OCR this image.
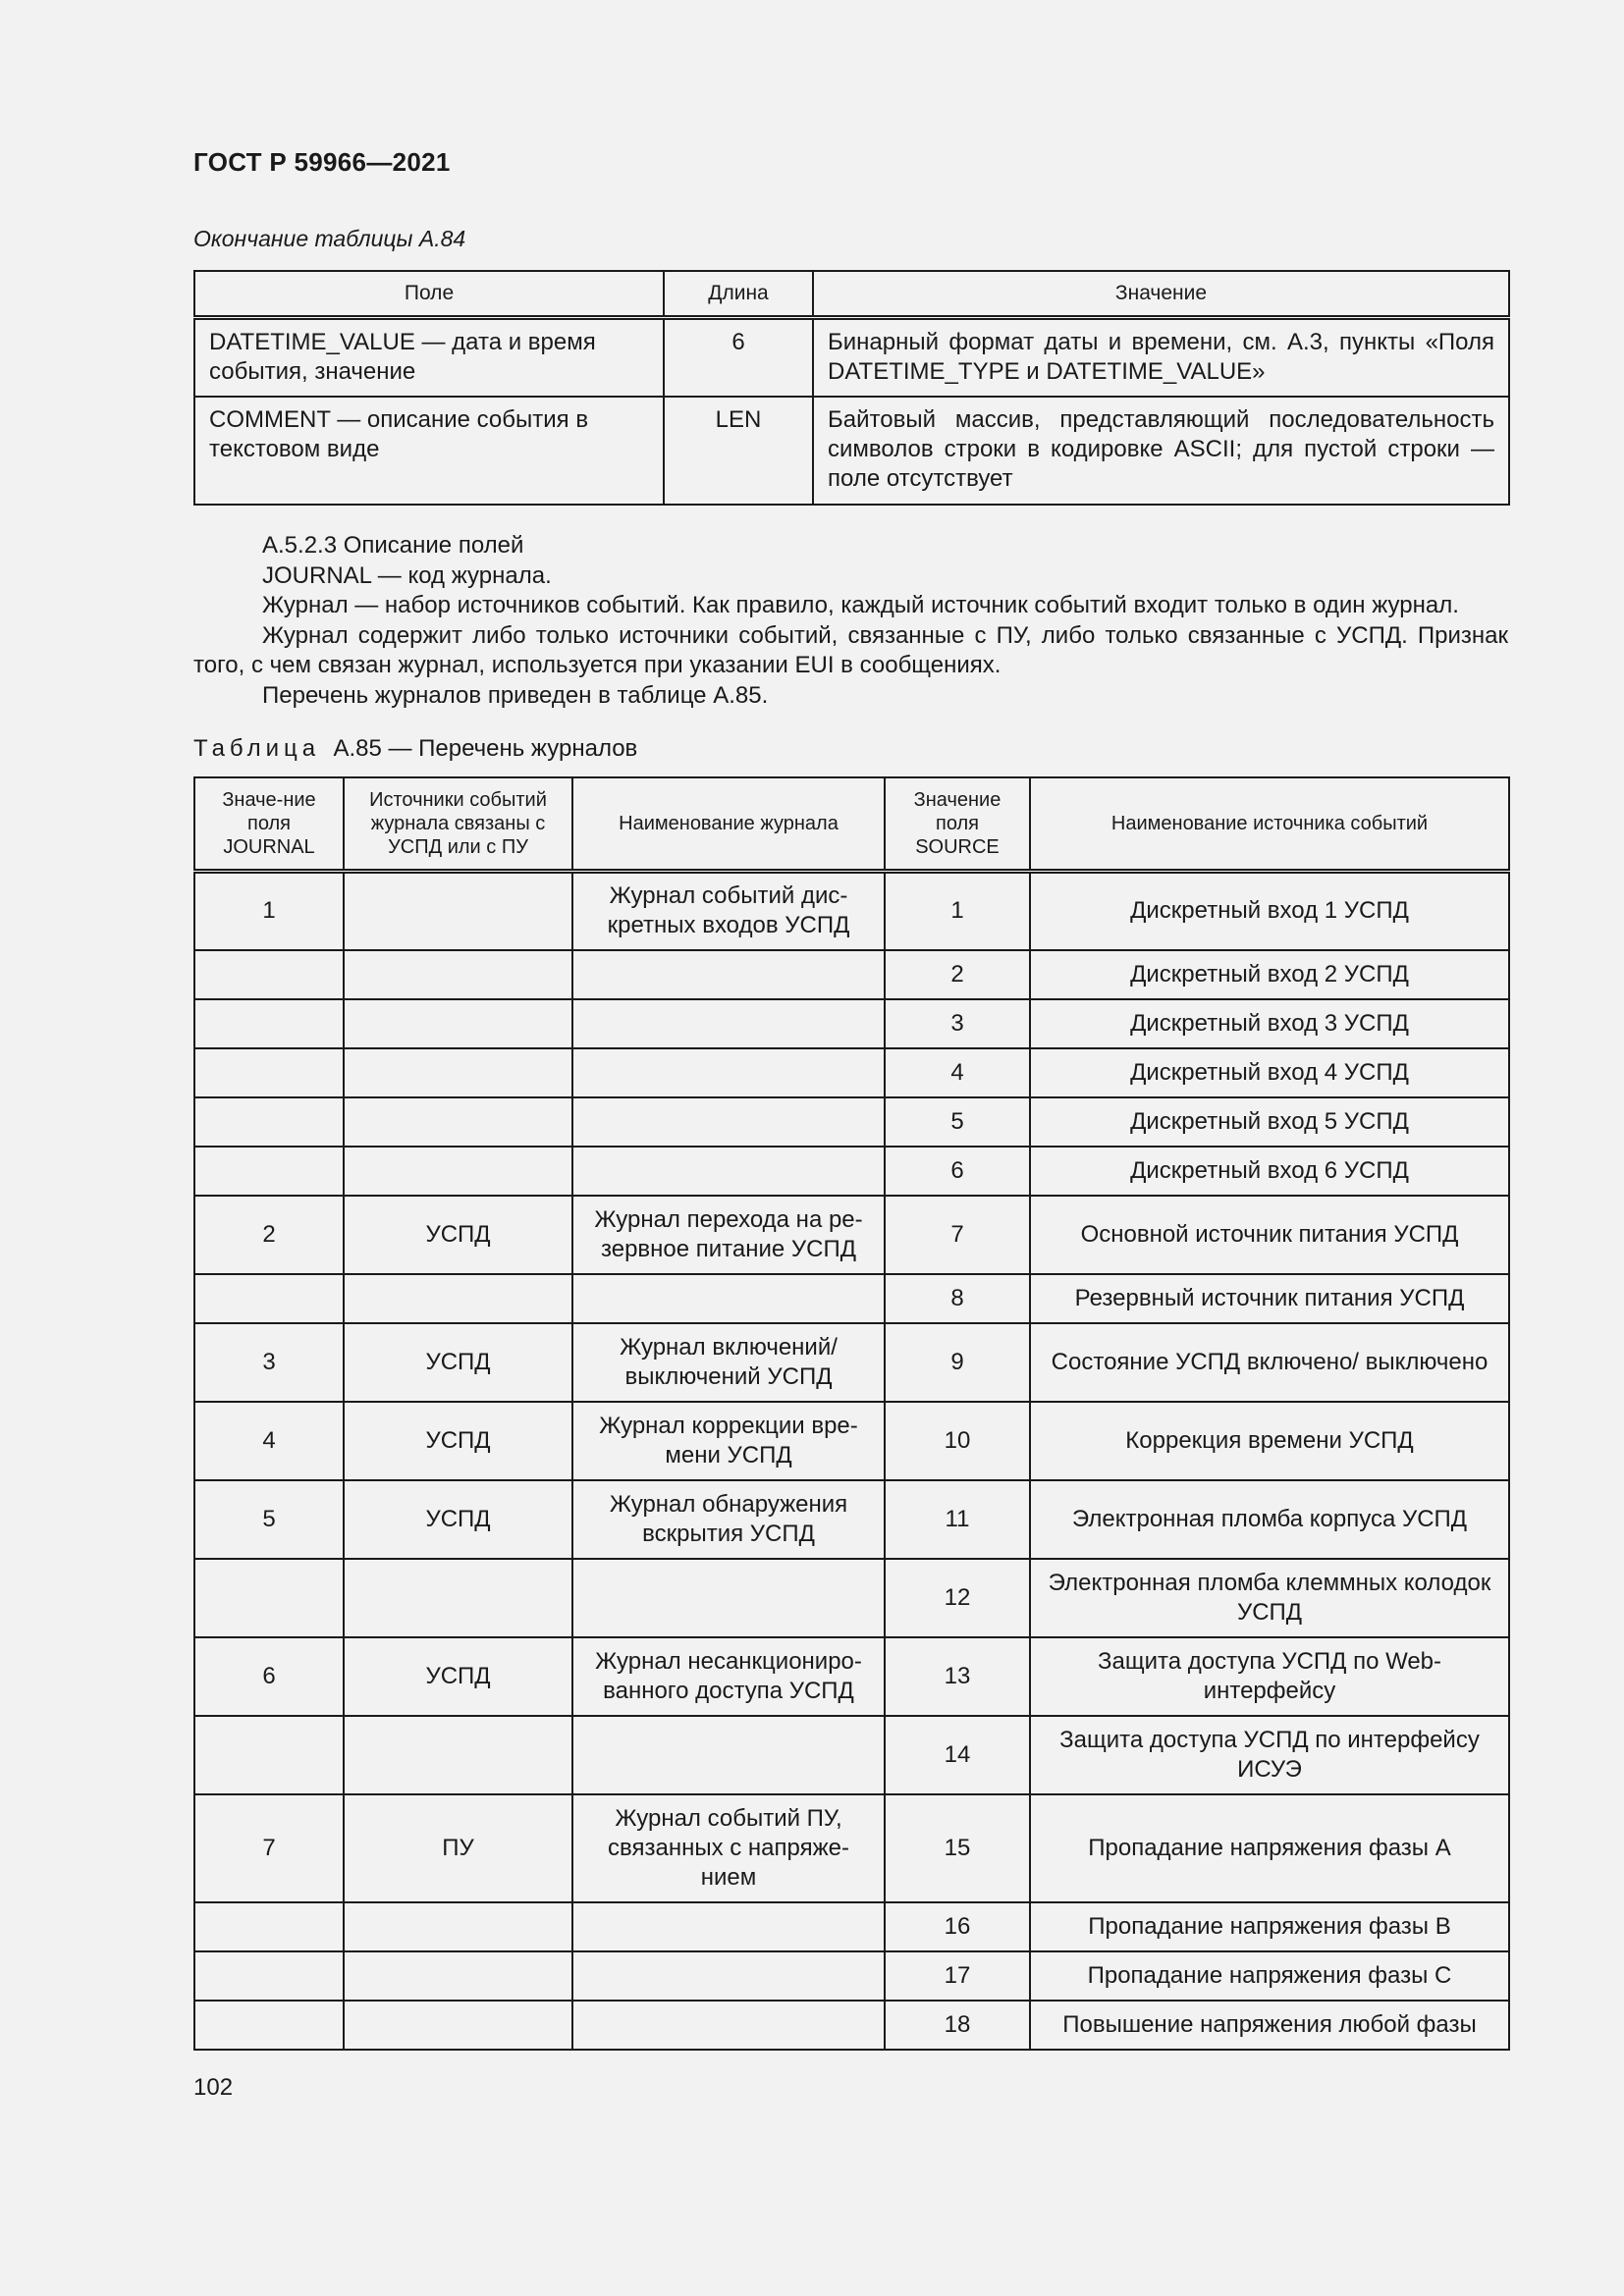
ГОСТ Р 59966—2021
Окончание таблицы А.84
Поле	Длина	Значение
DATETIME_VALUE — дата и время события, значение	6	Бинарный формат даты и времени, см. А.3, пункты «Поля DATETIME_TYPE и DATETIME_VALUE»
COMMENT — описание события в текстовом виде	LEN	Байтовый массив, представляющий последовательность символов строки в кодировке ASCII; для пустой строки — поле отсутствует

А.5.2.3 Описание полей

JOURNAL — код журнала.

Журнал — набор источников событий. Как правило, каждый источник событий входит только в один журнал.

Журнал содержит либо только источники событий, связанные с ПУ, либо только связанные с УСПД. Признак того, с чем связан журнал, используется при указании EUI в сообщениях.

Перечень журналов приведен в таблице А.85.

Таблица А.85 — Перечень журналов
Значе-ние поля JOURNAL	Источники событий журнала связаны с УСПД или с ПУ	Наименование журнала	Значение поля SOURCE	Наименование источника событий
1		Журнал событий дис-кретных входов УСПД	1	Дискретный вход 1 УСПД
			2	Дискретный вход 2 УСПД
			3	Дискретный вход 3 УСПД
			4	Дискретный вход 4 УСПД
			5	Дискретный вход 5 УСПД
			6	Дискретный вход 6 УСПД
2	УСПД	Журнал перехода на ре-зервное питание УСПД	7	Основной источник питания УСПД
			8	Резервный источник питания УСПД
3	УСПД	Журнал включений/ выключений УСПД	9	Состояние УСПД включено/ выключено
4	УСПД	Журнал коррекции вре-мени УСПД	10	Коррекция времени УСПД
5	УСПД	Журнал обнаружения вскрытия УСПД	11	Электронная пломба корпуса УСПД
			12	Электронная пломба клеммных колодок УСПД
6	УСПД	Журнал несанкциониро-ванного доступа УСПД	13	Защита доступа УСПД по Web-интерфейсу
			14	Защита доступа УСПД по интерфейсу ИСУЭ
7	ПУ	Журнал событий ПУ, связанных с напряже-нием	15	Пропадание напряжения фазы А
			16	Пропадание напряжения фазы В
			17	Пропадание напряжения фазы С
			18	Повышение напряжения любой фазы
102
